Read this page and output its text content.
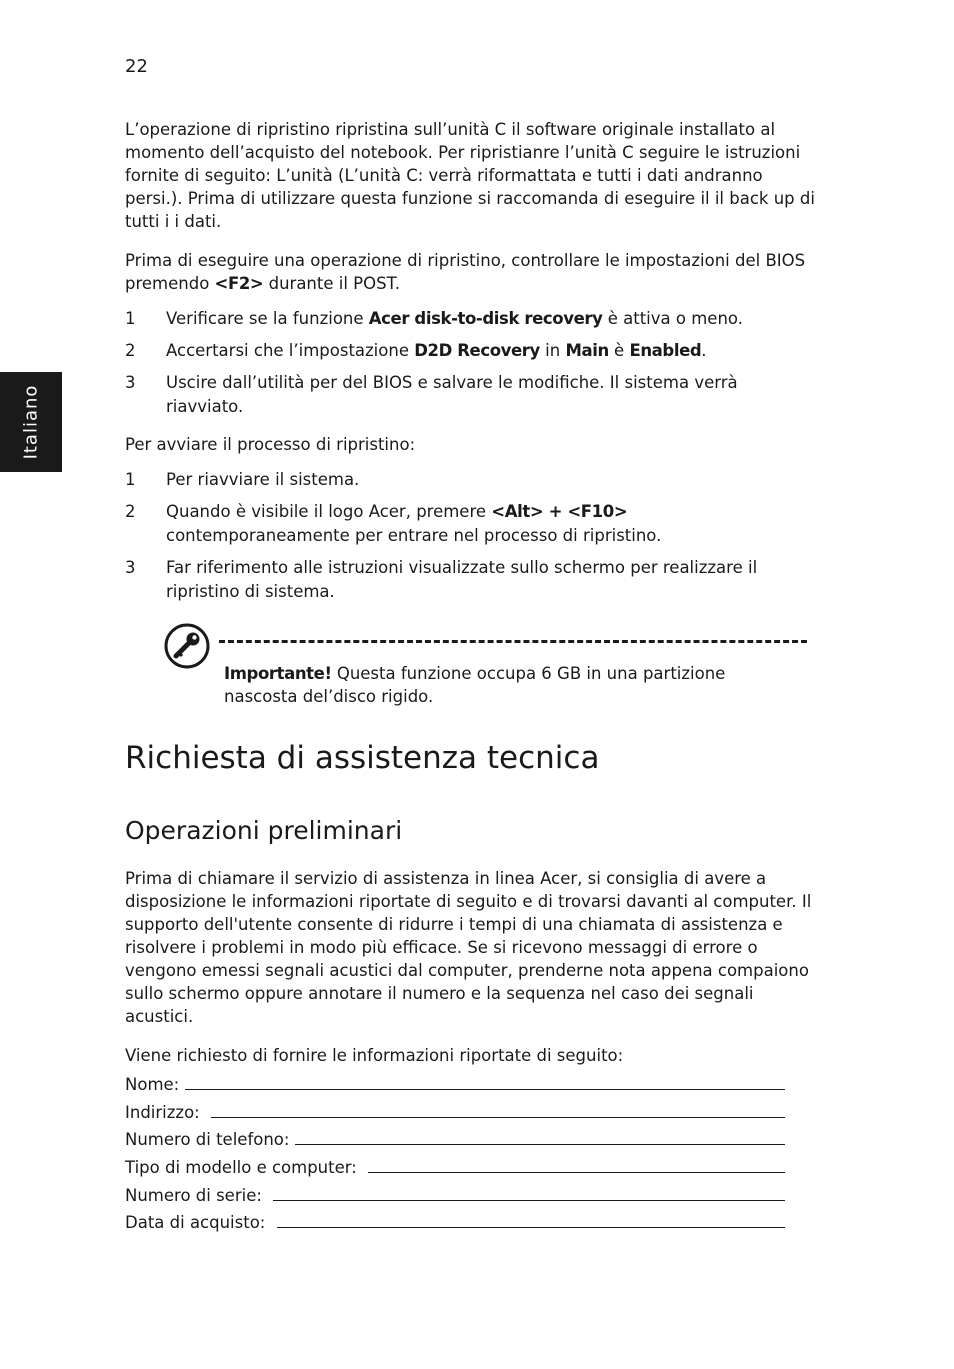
22
Italiano

L’operazione di ripristino ripristina sull’unità C il software originale installato al momento dell’acquisto del notebook. Per ripristianre l’unità C seguire le istruzioni fornite di seguito: L’unità (L’unità C: verrà riformattata e tutti i dati andranno persi.). Prima di utilizzare questa funzione si raccomanda di eseguire il il back up di tutti i i dati.

Prima di eseguire una operazione di ripristino, controllare le impostazioni del BIOS premendo <F2> durante il POST.

1 Verificare se la funzione Acer disk-to-disk recovery è attiva o meno.
2 Accertarsi che l’impostazione D2D Recovery in Main è Enabled.
3 Uscire dall’utilità per del BIOS e salvare le modifiche. Il sistema verrà riavviato.

Per avviare il processo di ripristino:

1 Per riavviare il sistema.
2 Quando è visibile il logo Acer, premere <Alt> + <F10> contemporaneamente per entrare nel processo di ripristino.
3 Far riferimento alle istruzioni visualizzate sullo schermo per realizzare il ripristino di sistema.
Importante! Questa funzione occupa 6 GB in una partizione nascosta del’disco rigido.
Richiesta di assistenza tecnica
Operazioni preliminari

Prima di chiamare il servizio di assistenza in linea Acer, si consiglia di avere a disposizione le informazioni riportate di seguito e di trovarsi davanti al computer. Il supporto dell'utente consente di ridurre i tempi di una chiamata di assistenza e risolvere i problemi in modo più efficace. Se si ricevono messaggi di errore o vengono emessi segnali acustici dal computer, prenderne nota appena compaiono sullo schermo oppure annotare il numero e la sequenza nel caso dei segnali acustici.

Viene richiesto di fornire le informazioni riportate di seguito:

Nome:
Indirizzo:
Numero di telefono:
Tipo di modello e computer:
Numero di serie:
Data di acquisto:
